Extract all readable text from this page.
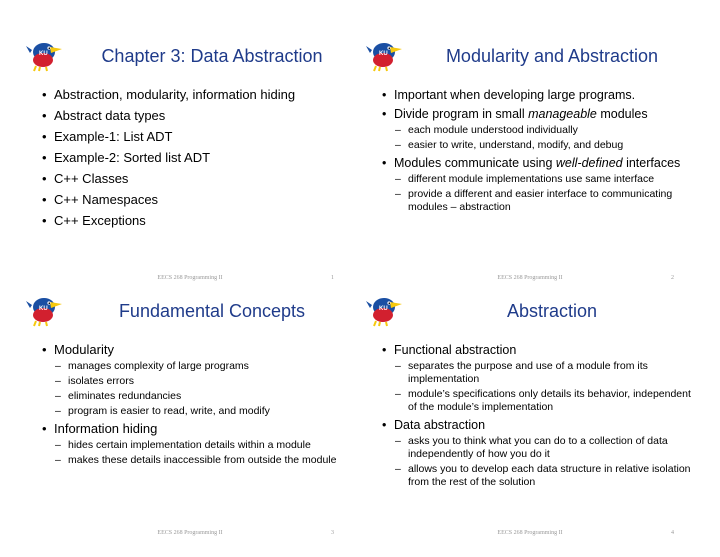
Chapter 3: Data Abstraction
• Abstraction, modularity, information hiding
• Abstract data types
• Example-1: List ADT
• Example-2: Sorted list ADT
• C++ Classes
• C++ Namespaces
• C++ Exceptions
EECS 268 Programming II	1
Modularity and Abstraction
• Important when developing large programs.
• Divide program in small manageable modules
– each module understood individually
– easier to write, understand, modify, and debug
• Modules communicate using well-defined interfaces
– different module implementations use same interface
– provide a different and easier interface to communicating modules – abstraction
EECS 268 Programming II	2
Fundamental Concepts
• Modularity
– manages complexity of large programs
– isolates errors
– eliminates redundancies
– program is easier to read, write, and modify
• Information hiding
– hides certain implementation details within a module
– makes these details inaccessible from outside the module
EECS 268 Programming II	3
Abstraction
• Functional abstraction
– separates the purpose and use of a module from its implementation
– module’s specifications only details its behavior, independent of the module’s implementation
• Data abstraction
– asks you to think what you can do to a collection of data independently of how you do it
– allows you to develop each data structure in relative isolation from the rest of the solution
EECS 268 Programming II	4
